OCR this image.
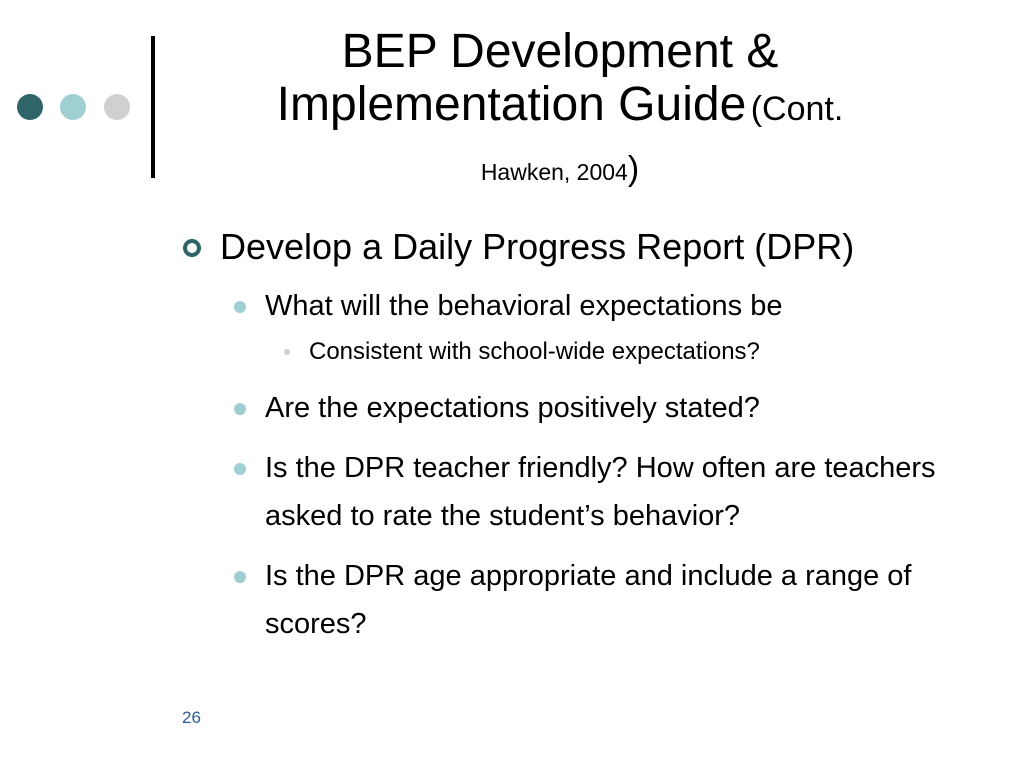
BEP Development &
Implementation Guide (Cont.
Hawken, 2004)
Develop a Daily Progress Report (DPR)
What will the behavioral expectations be
Consistent with school-wide expectations?
Are the expectations positively stated?
Is the DPR teacher friendly? How often are teachers asked to rate the student’s behavior?
Is the DPR age appropriate and include a range of scores?
26
